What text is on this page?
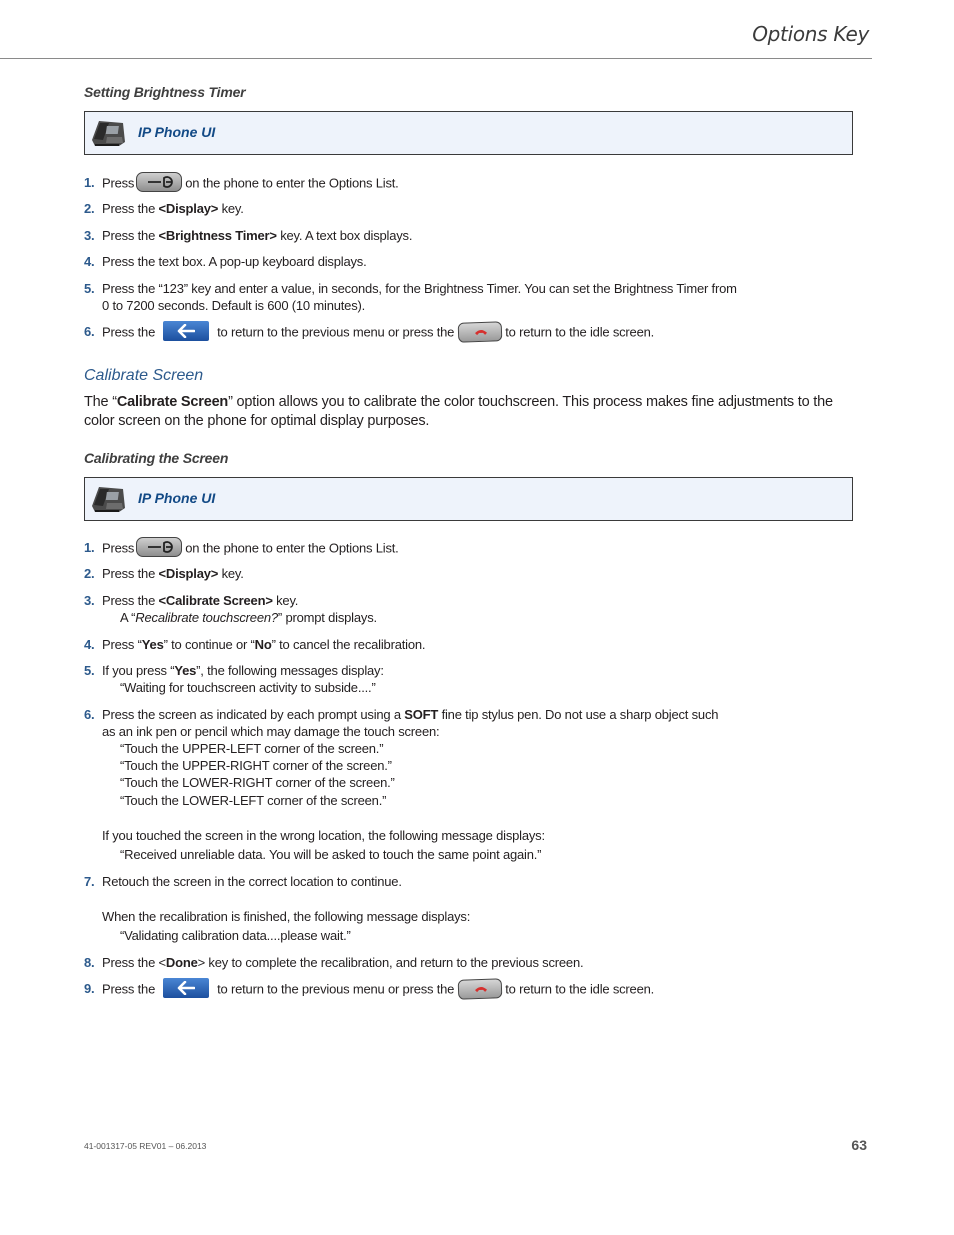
Options Key
Setting Brightness Timer
IP Phone UI
1. Press	on the phone to enter the Options List.
2. Press the <Display> key.
3. Press the <Brightness Timer> key. A text box displays.
4. Press the text box. A pop-up keyboard displays.
5. Press the “123” key and enter a value, in seconds, for the Brightness Timer. You can set the Brightness Timer from
0 to 7200 seconds. Default is 600 (10 minutes).
6. Press the	to return to the previous menu or press the	to return to the idle screen.
Calibrate Screen
The “Calibrate Screen” option allows you to calibrate the color touchscreen. This process makes fine adjustments to the
color screen on the phone for optimal display purposes.
Calibrating the Screen
IP Phone UI
1. Press	on the phone to enter the Options List.
2. Press the <Display> key.
3. Press the <Calibrate Screen> key.
A “Recalibrate touchscreen?” prompt displays.
4. Press “Yes” to continue or “No” to cancel the recalibration.
5. If you press “Yes”, the following messages display:
“Waiting for touchscreen activity to subside....”
6. Press the screen as indicated by each prompt using a SOFT fine tip stylus pen. Do not use a sharp object such
as an ink pen or pencil which may damage the touch screen:
“Touch the UPPER-LEFT corner of the screen.”
“Touch the UPPER-RIGHT corner of the screen.”
“Touch the LOWER-RIGHT corner of the screen.”
“Touch the LOWER-LEFT corner of the screen.”
If you touched the screen in the wrong location, the following message displays:
“Received unreliable data. You will be asked to touch the same point again.”
7. Retouch the screen in the correct location to continue.
When the recalibration is finished, the following message displays:
“Validating calibration data....please wait.”
8. Press the <Done> key to complete the recalibration, and return to the previous screen.
9. Press the	to return to the previous menu or press the	to return to the idle screen.
41-001317-05 REV01 – 06.2013	63
